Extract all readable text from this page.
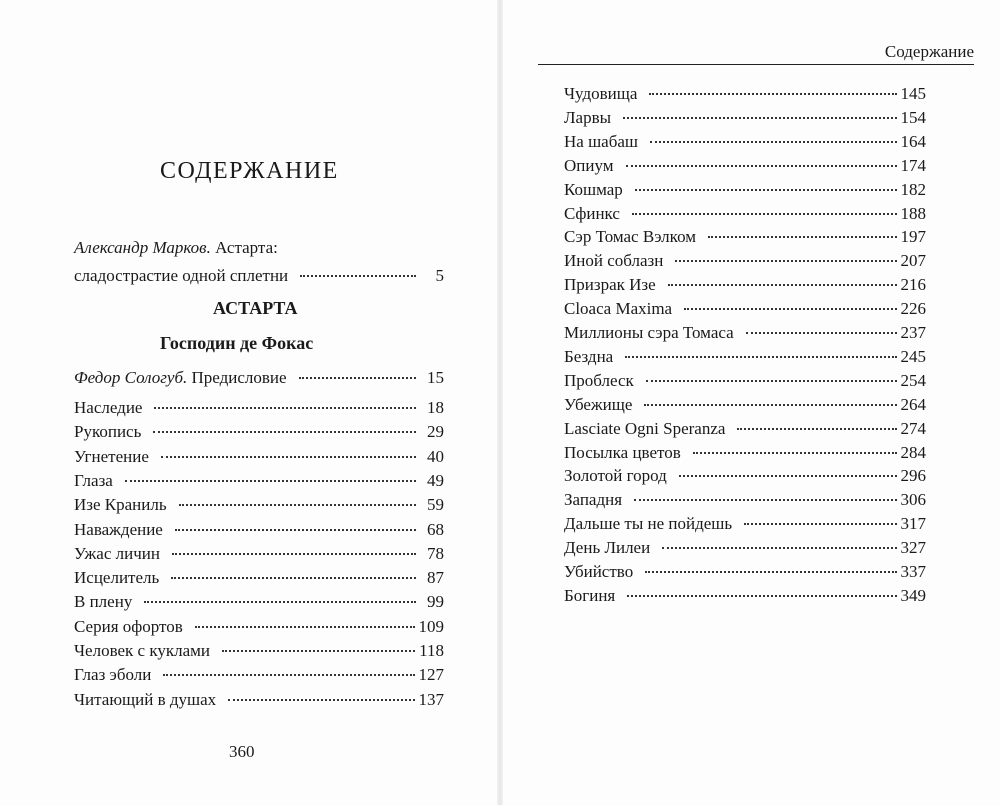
СОДЕРЖАНИЕ

Александр Марков. Астарта:

сладострастие одной сплетни	5
АСТАРТА
Господин де Фокас
Федор Сологуб. Предисловие	15
Наследие	18
Рукопись	29
Угнетение	40
Глаза	49
Изе Краниль	59
Наваждение	68
Ужас личин	78
Исцелитель	87
В плену	99
Серия офортов	109
Человек с куклами	118
Глаз эболи	127
Читающий в душах	137
360
Содержание
Чудовища	145
Ларвы	154
На шабаш	164
Опиум	174
Кошмар	182
Сфинкс	188
Сэр Томас Вэлком	197
Иной соблазн	207
Призрак Изе	216
Cloaca Maxima	226
Миллионы сэра Томаса	237
Бездна	245
Проблеск	254
Убежище	264
Lasciate Ogni Speranza	274
Посылка цветов	284
Золотой город	296
Западня	306
Дальше ты не пойдешь	317
День Лилеи	327
Убийство	337
Богиня	349
